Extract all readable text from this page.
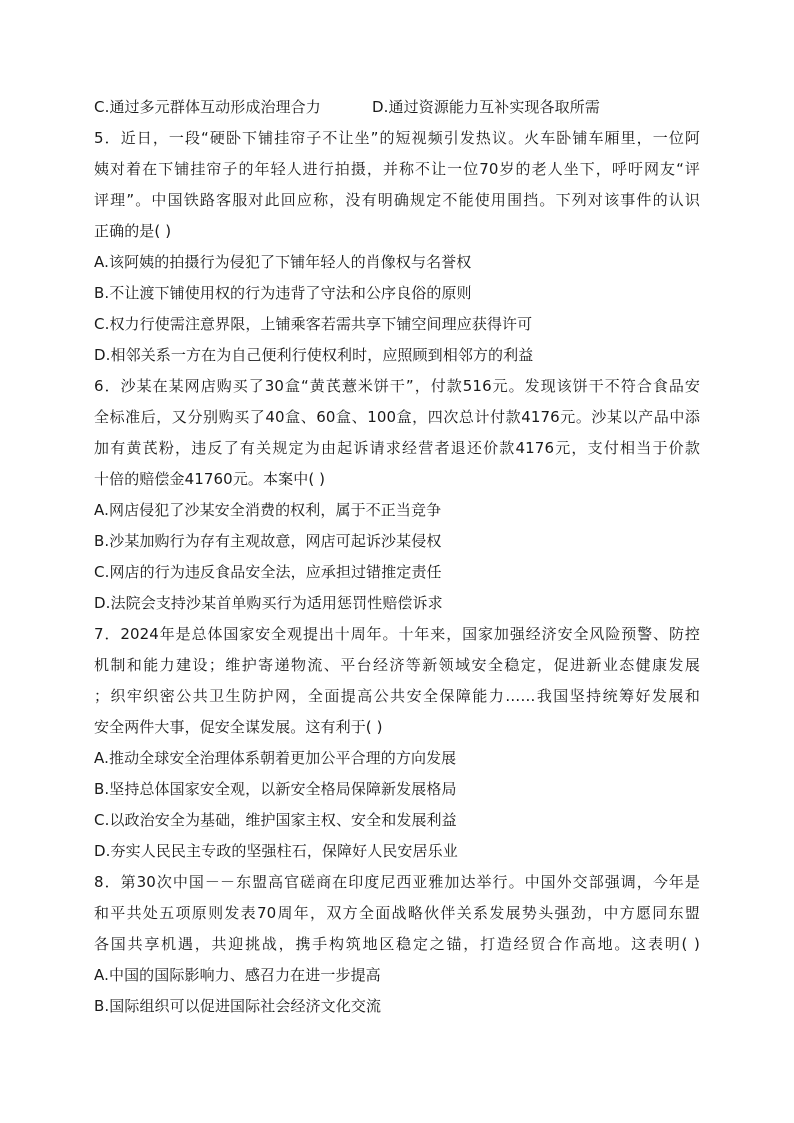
C.通过多元群体互动形成治理合力	D.通过资源能力互补实现各取所需
5．近日，一段“硬卧下铺挂帘子不让坐”的短视频引发热议。火车卧铺车厢里，一位阿
姨对着在下铺挂帘子的年轻人进行拍摄，并称不让一位70岁的老人坐下，呼吁网友“评
评理”。中国铁路客服对此回应称，没有明确规定不能使用围挡。下列对该事件的认识
正确的是( )
A.该阿姨的拍摄行为侵犯了下铺年轻人的肖像权与名誉权
B.不让渡下铺使用权的行为违背了守法和公序良俗的原则
C.权力行使需注意界限，上铺乘客若需共享下铺空间理应获得许可
D.相邻关系一方在为自己便利行使权利时，应照顾到相邻方的利益
6．沙某在某网店购买了30盒“黄芪薏米饼干”，付款516元。发现该饼干不符合食品安
全标准后，又分别购买了40盒、60盒、100盒，四次总计付款4176元。沙某以产品中添
加有黄芪粉，违反了有关规定为由起诉请求经营者退还价款4176元，支付相当于价款
十倍的赔偿金41760元。本案中( )
A.网店侵犯了沙某安全消费的权利，属于不正当竞争
B.沙某加购行为存有主观故意，网店可起诉沙某侵权
C.网店的行为违反食品安全法，应承担过错推定责任
D.法院会支持沙某首单购买行为适用惩罚性赔偿诉求
7．2024年是总体国家安全观提出十周年。十年来，国家加强经济安全风险预警、防控
机制和能力建设；维护寄递物流、平台经济等新领域安全稳定，促进新业态健康发展
；织牢织密公共卫生防护网，全面提高公共安全保障能力……我国坚持统筹好发展和
安全两件大事，促安全谋发展。这有利于( )
A.推动全球安全治理体系朝着更加公平合理的方向发展
B.坚持总体国家安全观，以新安全格局保障新发展格局
C.以政治安全为基础，维护国家主权、安全和发展利益
D.夯实人民民主专政的坚强柱石，保障好人民安居乐业
8．第30次中国－－东盟高官磋商在印度尼西亚雅加达举行。中国外交部强调，今年是
和平共处五项原则发表70周年，双方全面战略伙伴关系发展势头强劲，中方愿同东盟
各国共享机遇，共迎挑战，携手构筑地区稳定之锚，打造经贸合作高地。这表明( )
A.中国的国际影响力、感召力在进一步提高
B.国际组织可以促进国际社会经济文化交流
